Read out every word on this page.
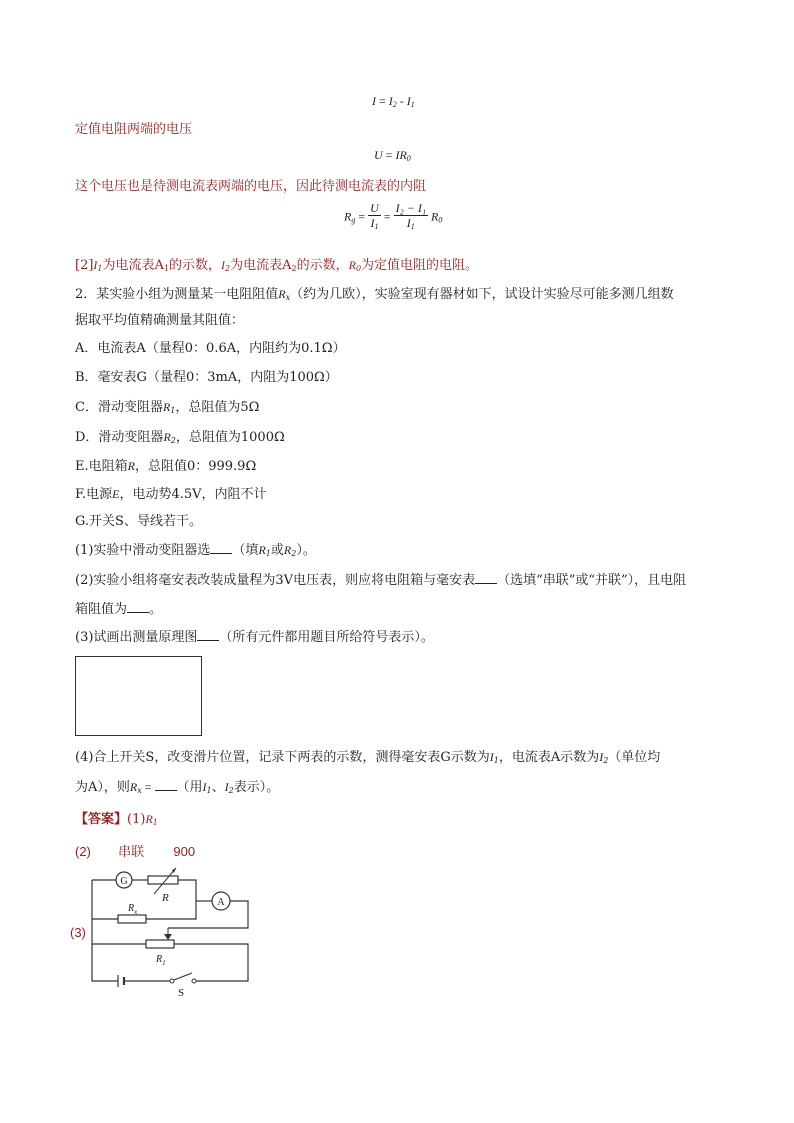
$I = I_2 - I_1$
定值电阻两端的电压
$U = IR_0$
这个电压也是待测电流表两端的电压，因此待测电流表的内阻
$R_g = \frac{U}{I_1} = \frac{\text{I₂ − I₁}}{I_1} R_0$
$[2]I_1$为电流表$A_1$的示数，$I_2$为电流表$A_2$的示数，$R_0$为定值电阻的电阻。
2．某实验小组为测量某一电阻阻值$R_x$（约为几欧），实验室现有器材如下，试设计实验尽可能多测几组数
据取平均值精确测量其阻值：
A．电流表A（量程0：0.6A，内阻约为0.1Ω）
B．毫安表G（量程0：3mA，内阻为100Ω）
C．滑动变阻器$R_1$，总阻值为5Ω
D．滑动变阻器$R_2$，总阻值为1000Ω
E.电阻箱R，总阻值0：999.9Ω
F.电源E，电动势4.5V，内阻不计
G.开关S、导线若干。
(1)实验中滑动变阻器选 （填$R_1$或$R_2$）。
(2)实验小组将毫安表改装成量程为3V电压表，则应将电阻箱与毫安表 （选填“串联”或“并联”），且电阻
箱阻值为 。
(3)试画出测量原理图 （所有元件都用题目所给符号表示）。
(4)合上开关S，改变滑片位置，记录下两表的示数，测得毫安表G示数为$I_1$，电流表A示数为$I_2$（单位均
为A），则$R_x$ = （用$I_1$、$I_2$表示）。
【答案】$(1)R_1$
(2) 串联 900
(3)
G
R	A
$R_x$
$R_1$
S
